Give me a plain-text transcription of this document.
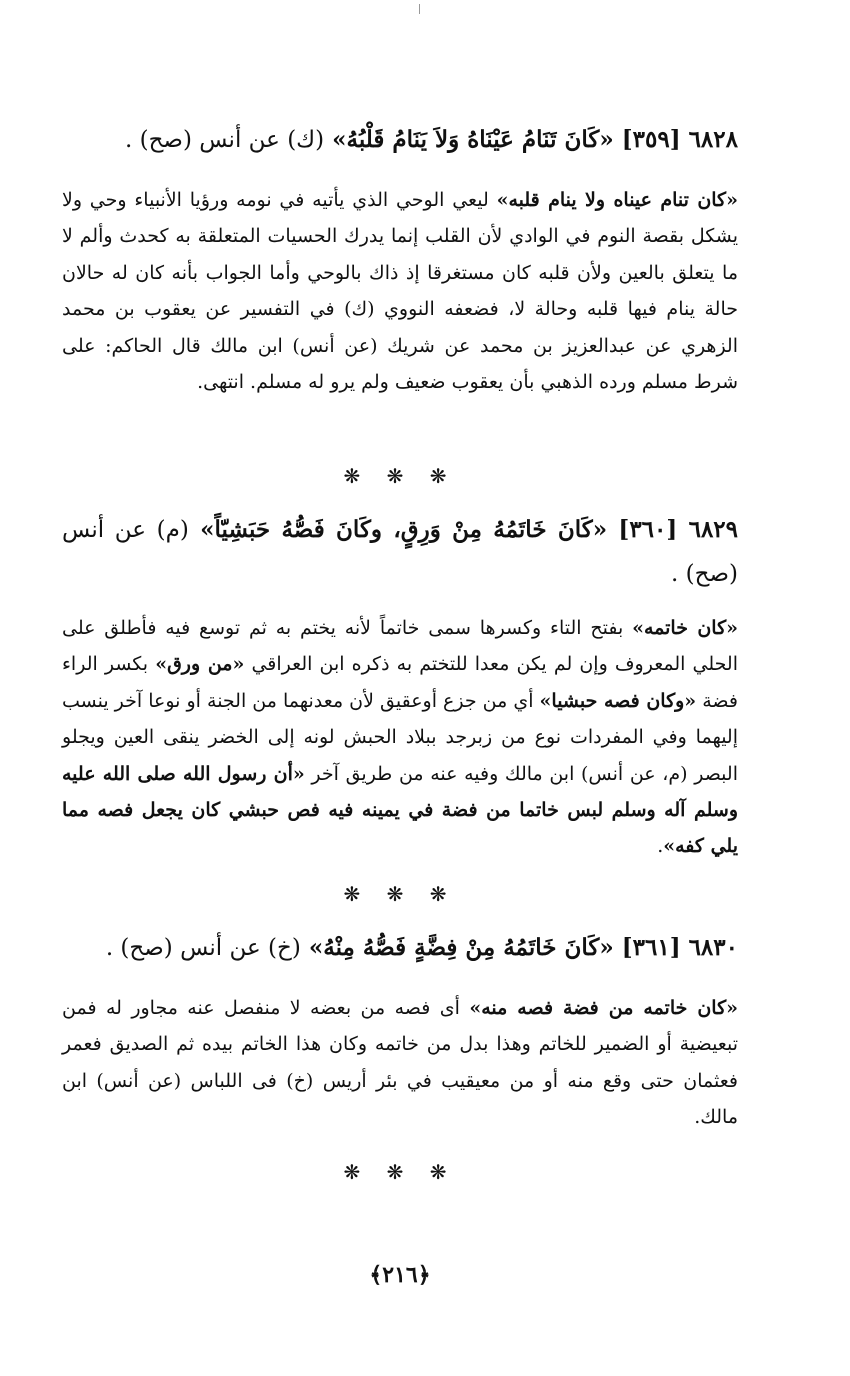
٦٨٢٨ [٣٥٩] «كَانَ تَنَامُ عَيْنَاهُ وَلاَ يَنَامُ قَلْبُهُ» (ك) عن أنس (صح) .
«كان تنام عيناه ولا ينام قلبه» ليعي الوحي الذي يأتيه في نومه ورؤيا الأنبياء وحي ولا يشكل بقصة النوم في الوادي لأن القلب إنما يدرك الحسيات المتعلقة به كحدث وألم لا ما يتعلق بالعين ولأن قلبه كان مستغرقا إذ ذاك بالوحي وأما الجواب بأنه كان له حالان حالة ينام فيها قلبه وحالة لا، فضعفه النووي (ك) في التفسير عن يعقوب بن محمد الزهري عن عبدالعزيز بن محمد عن شريك (عن أنس) ابن مالك قال الحاكم: على شرط مسلم ورده الذهبي بأن يعقوب ضعيف ولم يرو له مسلم. انتهى.
❋ ❋ ❋
٦٨٢٩ [٣٦٠] «كَانَ خَاتَمُهُ مِنْ وَرِقٍ، وكَانَ فَصُّهُ حَبَشِيّاً» (م) عن أنس (صح) .
«كان خاتمه» بفتح التاء وكسرها سمى خاتماً لأنه يختم به ثم توسع فيه فأطلق على الحلي المعروف وإن لم يكن معدا للتختم به ذكره ابن العراقي «من ورق» بكسر الراء فضة «وكان فصه حبشيا» أي من جزع أوعقيق لأن معدنهما من الجنة أو نوعا آخر ينسب إليهما وفي المفردات نوع من زبرجد ببلاد الحبش لونه إلى الخضر ينقى العين ويجلو البصر (م، عن أنس) ابن مالك وفيه عنه من طريق آخر «أن رسول الله صلى الله عليه وسلم آله وسلم لبس خاتما من فضة في يمينه فيه فص حبشي كان يجعل فصه مما يلي كفه».
❋ ❋ ❋
٦٨٣٠ [٣٦١] «كَانَ خَاتَمُهُ مِنْ فِضَّةٍ فَصُّهُ مِنْهُ» (خ) عن أنس (صح) .
«كان خاتمه من فضة فصه منه» أى فصه من بعضه لا منفصل عنه مجاور له فمن تبعيضية أو الضمير للخاتم وهذا بدل من خاتمه وكان هذا الخاتم بيده ثم الصديق فعمر فعثمان حتى وقع منه أو من معيقيب في بئر أريس (خ) فى اللباس (عن أنس) ابن مالك.
❋ ❋ ❋
﴿٢١٦﴾
